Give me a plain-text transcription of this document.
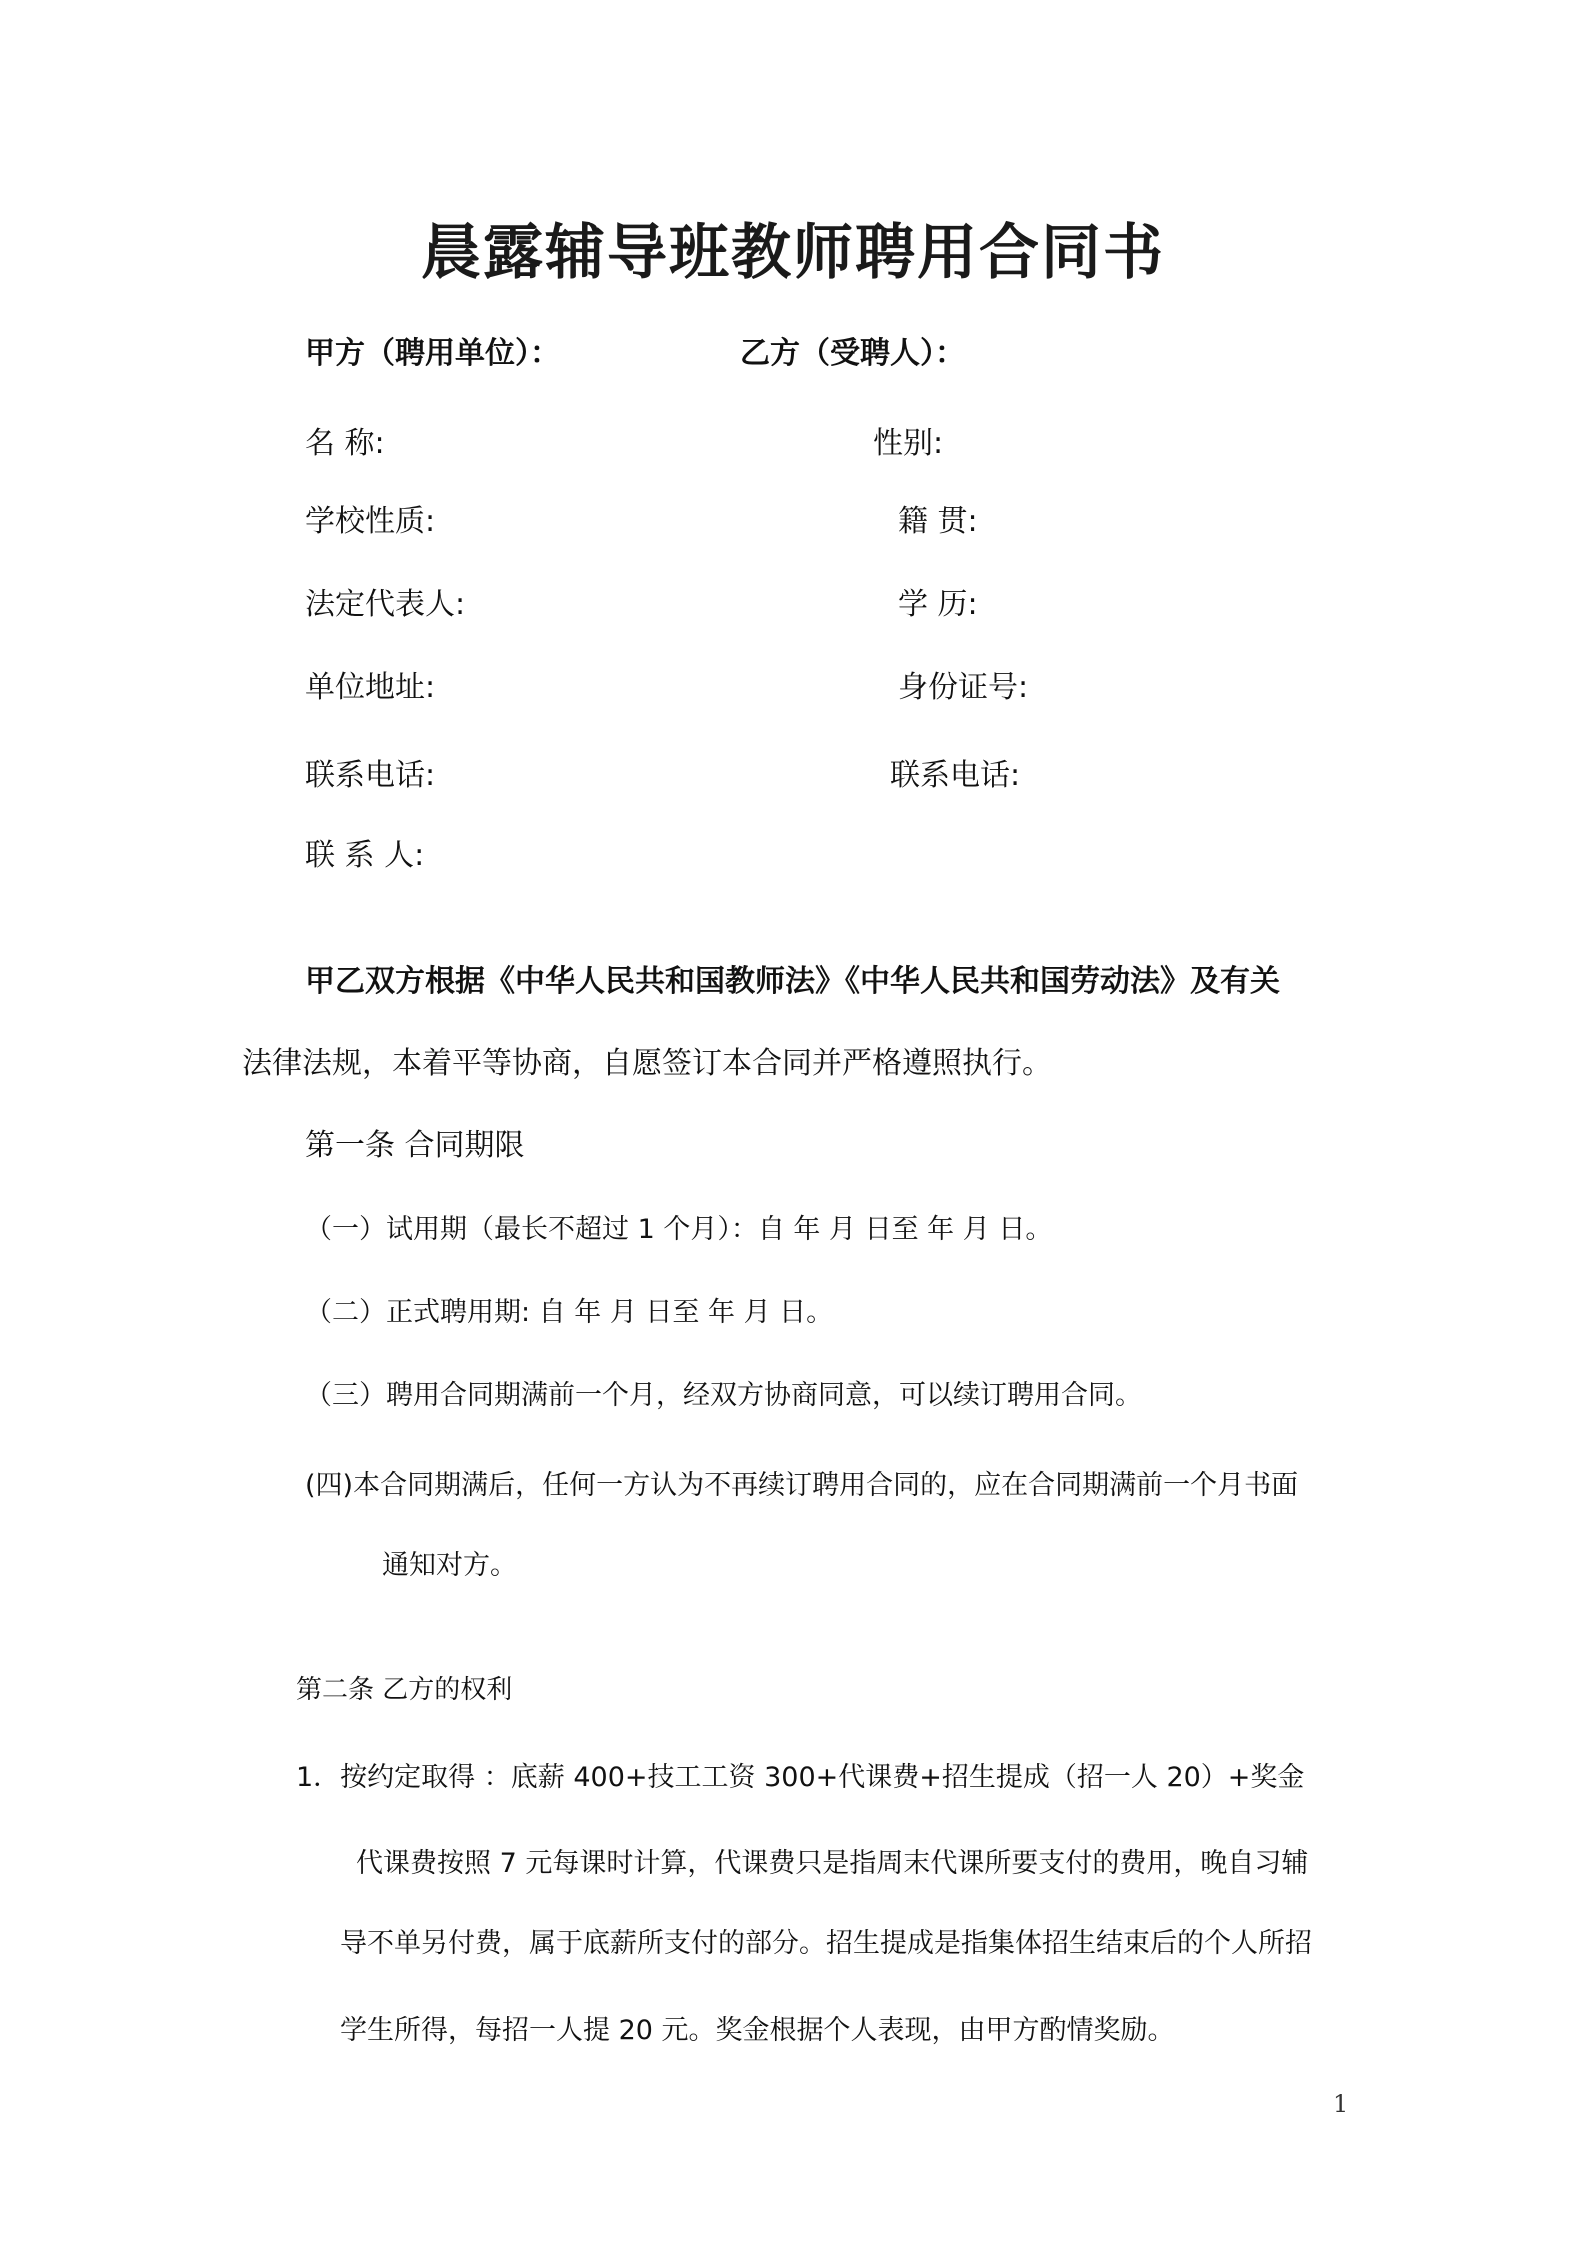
晨露辅导班教师聘用合同书
甲方（聘用单位）：	乙方（受聘人）：
名 称:
学校性质:
法定代表人:
单位地址:
联系电话:
联 系 人:
性别:
籍 贯:
学 历:
身份证号:
联系电话:
甲乙双方根据《中华人民共和国教师法》《中华人民共和国劳动法》及有关
法律法规，本着平等协商，自愿签订本合同并严格遵照执行。
第一条 合同期限
（一）试用期（最长不超过 1 个月）：自 年 月 日至 年 月 日。
（二）正式聘用期: 自 年 月 日至 年 月 日。
（三）聘用合同期满前一个月，经双方协商同意，可以续订聘用合同。
(四)本合同期满后，任何一方认为不再续订聘用合同的，应在合同期满前一个月书面
通知对方。
第二条 乙方的权利
1．按约定取得 ：底薪 400+技工工资 300+代课费+招生提成（招一人 20）+奖金
代课费按照 7 元每课时计算，代课费只是指周末代课所要支付的费用，晚自习辅
导不单另付费，属于底薪所支付的部分。招生提成是指集体招生结束后的个人所招
学生所得，每招一人提 20 元。奖金根据个人表现，由甲方酌情奖励。
1
